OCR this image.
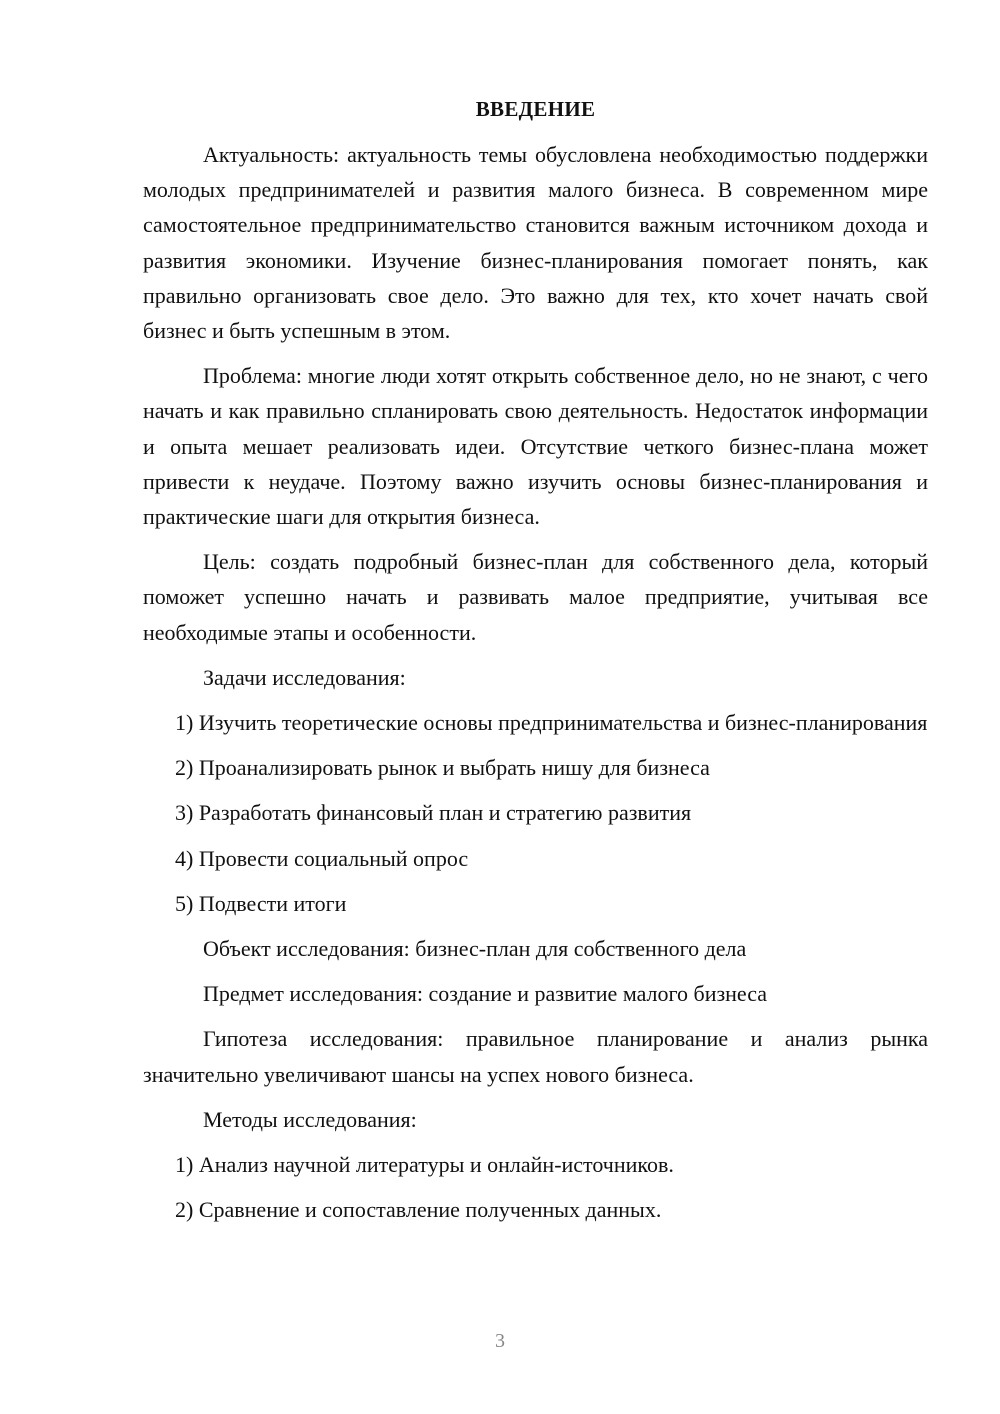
ВВЕДЕНИЕ

Актуальность: актуальность темы обусловлена необходимостью поддержки молодых предпринимателей и развития малого бизнеса. В современном мире самостоятельное предпринимательство становится важным источником дохода и развития экономики. Изучение бизнес-планирования помогает понять, как правильно организовать свое дело. Это важно для тех, кто хочет начать свой бизнес и быть успешным в этом.

Проблема: многие люди хотят открыть собственное дело, но не знают, с чего начать и как правильно спланировать свою деятельность. Недостаток информации и опыта мешает реализовать идеи. Отсутствие четкого бизнес-плана может привести к неудаче. Поэтому важно изучить основы бизнес-планирования и практические шаги для открытия бизнеса.

Цель: создать подробный бизнес-план для собственного дела, который поможет успешно начать и развивать малое предприятие, учитывая все необходимые этапы и особенности.

Задачи исследования:

1) Изучить теоретические основы предпринимательства и бизнес-планирования

2) Проанализировать рынок и выбрать нишу для бизнеса

3) Разработать финансовый план и стратегию развития

4) Провести социальный опрос

5) Подвести итоги

Объект исследования: бизнес-план для собственного дела

Предмет исследования: создание и развитие малого бизнеса

Гипотеза исследования: правильное планирование и анализ рынка значительно увеличивают шансы на успех нового бизнеса.

Методы исследования:

1) Анализ научной литературы и онлайн-источников.

2) Сравнение и сопоставление полученных данных.

3
